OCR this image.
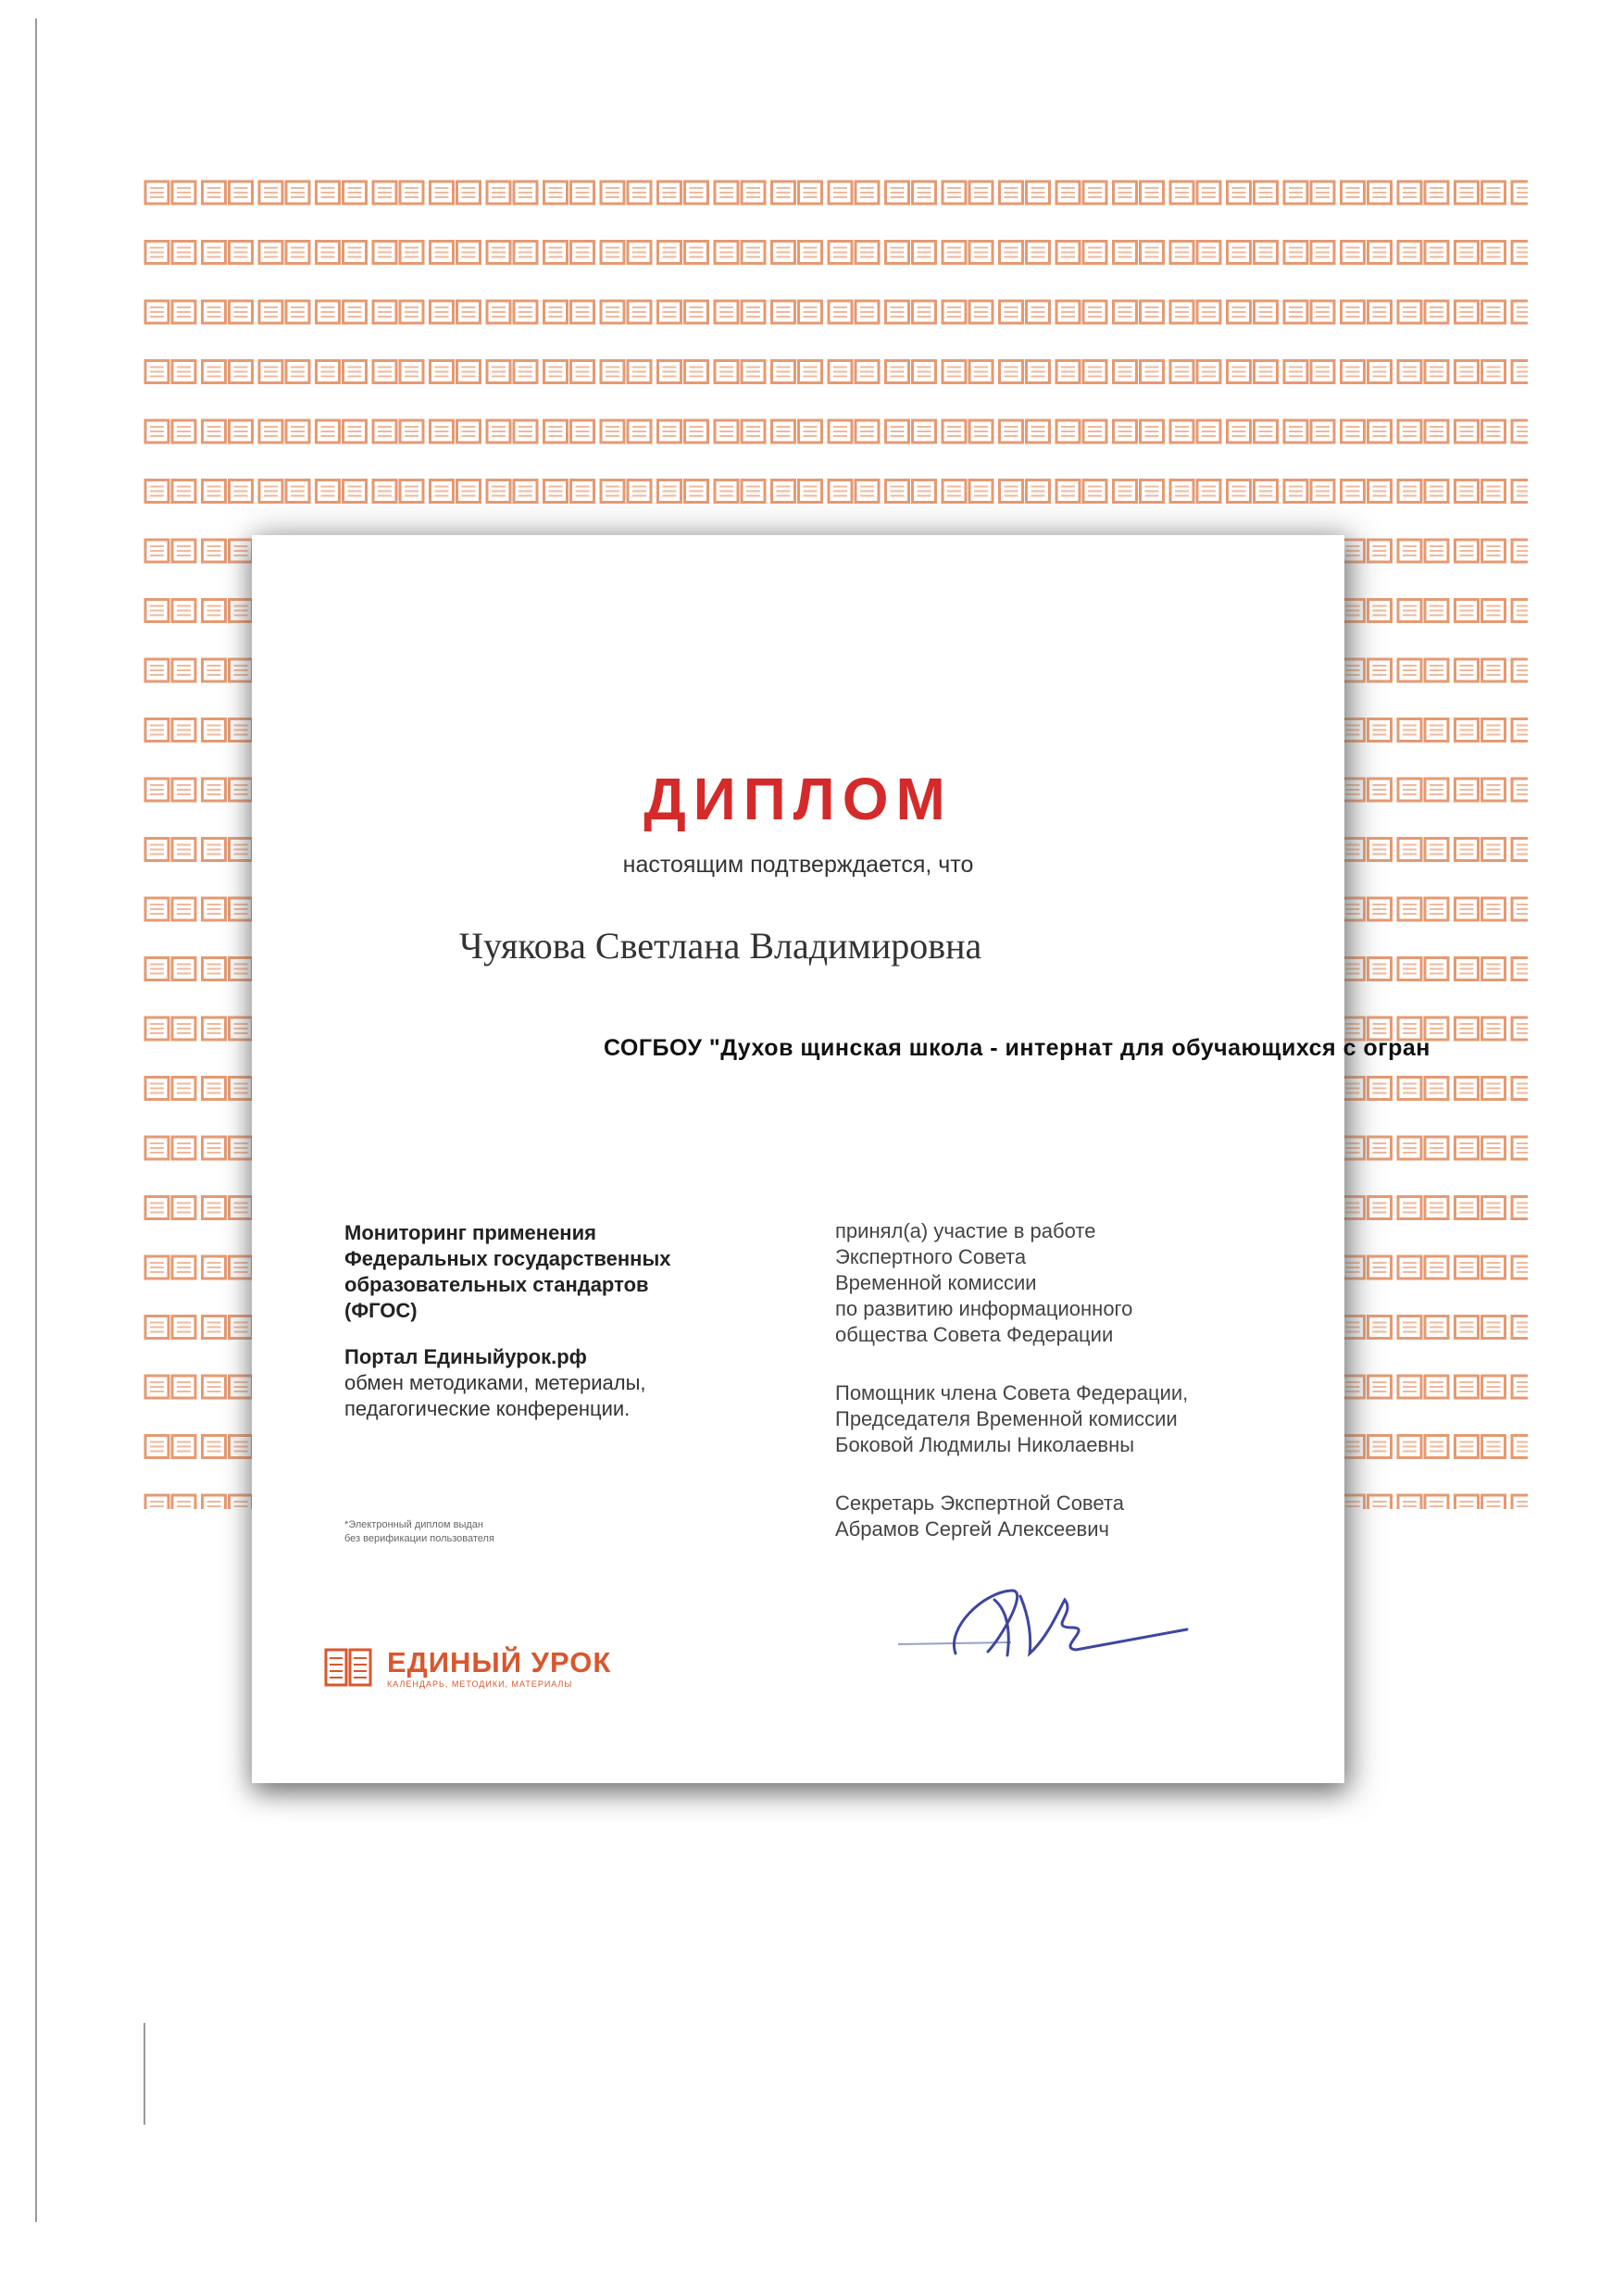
ДИПЛОМ
настоящим подтверждается, что
Чуякова Светлана Владимировна
СОГБОУ "Духов щинская школа - интернат для обучающихся с огран
Мониторинг применения
Федеральных государственных
образовательных стандартов
(ФГОС)
Портал Единыйурок.рф
обмен методиками, метериалы,
педагогические конференции.
принял(а) участие в работе
Экспертного Совета
Временной комиссии
по развитию информационного
общества Совета Федерации
Помощник члена Совета Федерации,
Председателя Временной комиссии
Боковой Людмилы Николаевны
Секретарь Экспертной Совета
Абрамов Сергей Алексеевич
*Электронный диплом выдан
без верификации пользователя
ЕДИНЫЙ УРОК
КАЛЕНДАРЬ, МЕТОДИКИ, МАТЕРИАЛЫ
